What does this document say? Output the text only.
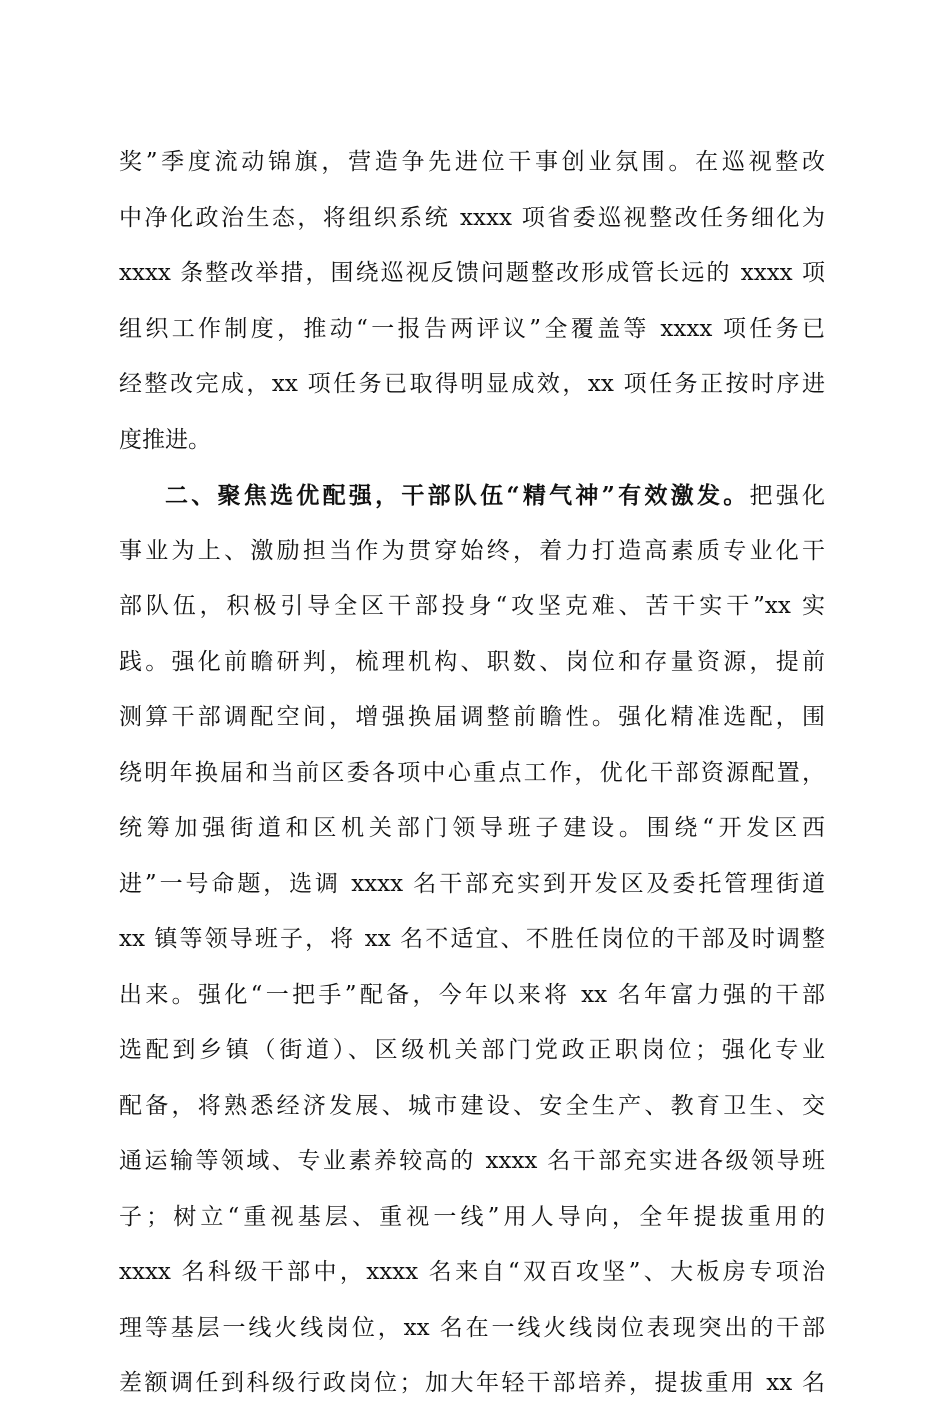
奖”季度流动锦旗，营造争先进位干事创业氛围。在巡视整改
中净化政治生态，将组织系统 xxxx 项省委巡视整改任务细化为
xxxx 条整改举措，围绕巡视反馈问题整改形成管长远的 xxxx 项
组织工作制度，推动“一报告两评议”全覆盖等 xxxx 项任务已
经整改完成，xx 项任务已取得明显成效，xx 项任务正按时序进
度推进。
二、聚焦选优配强，干部队伍“精气神”有效激发。把强化
事业为上、激励担当作为贯穿始终，着力打造高素质专业化干
部队伍，积极引导全区干部投身“攻坚克难、苦干实干”xx 实
践。强化前瞻研判，梳理机构、职数、岗位和存量资源，提前
测算干部调配空间，增强换届调整前瞻性。强化精准选配，围
绕明年换届和当前区委各项中心重点工作，优化干部资源配置，
统筹加强街道和区机关部门领导班子建设。围绕“开发区西
进”一号命题，选调 xxxx 名干部充实到开发区及委托管理街道
xx 镇等领导班子，将 xx 名不适宜、不胜任岗位的干部及时调整
出来。强化“一把手”配备，今年以来将 xx 名年富力强的干部
选配到乡镇（街道）、区级机关部门党政正职岗位；强化专业
配备，将熟悉经济发展、城市建设、安全生产、教育卫生、交
通运输等领域、专业素养较高的 xxxx 名干部充实进各级领导班
子；树立“重视基层、重视一线”用人导向，全年提拔重用的
xxxx 名科级干部中，xxxx 名来自“双百攻坚”、大板房专项治
理等基层一线火线岗位，xx 名在一线火线岗位表现突出的干部
差额调任到科级行政岗位；加大年轻干部培养，提拔重用 xx 名
